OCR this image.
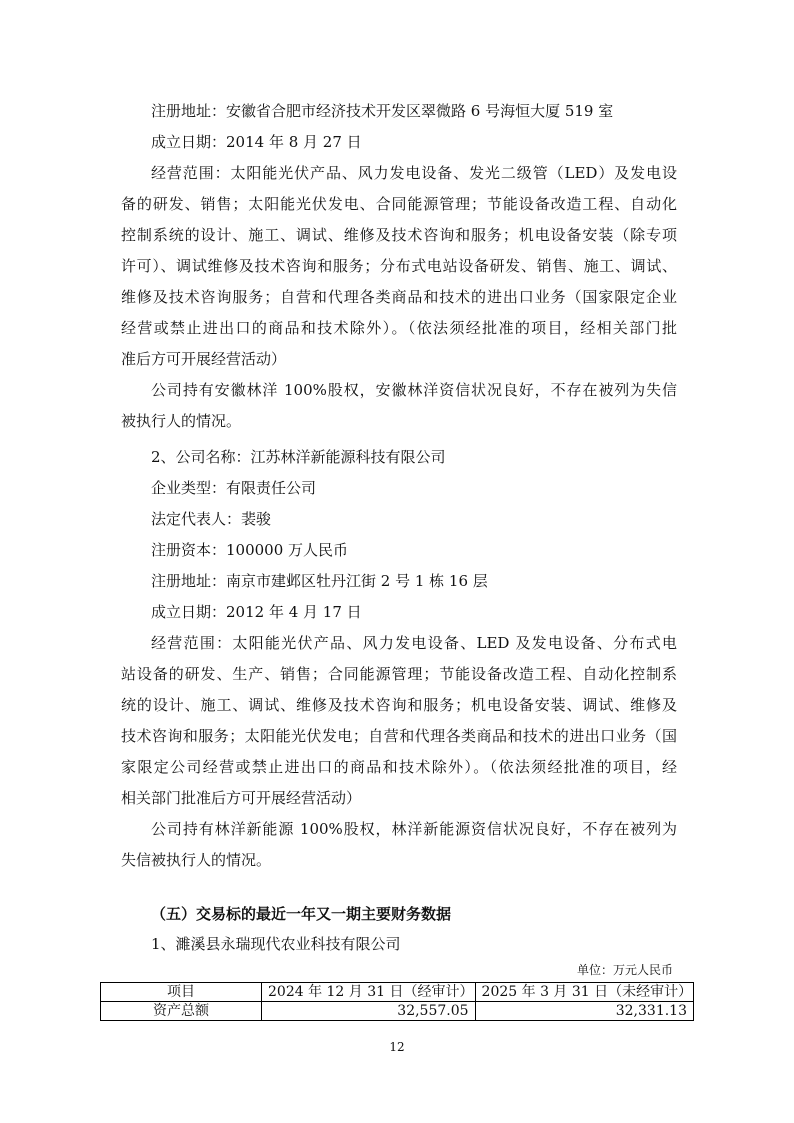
注册地址：安徽省合肥市经济技术开发区翠微路 6 号海恒大厦 519 室
成立日期：2014 年 8 月 27 日
经营范围：太阳能光伏产品、风力发电设备、发光二级管（LED）及发电设
备的研发、销售；太阳能光伏发电、合同能源管理；节能设备改造工程、自动化
控制系统的设计、施工、调试、维修及技术咨询和服务；机电设备安装（除专项
许可）、调试维修及技术咨询和服务；分布式电站设备研发、销售、施工、调试、
维修及技术咨询服务；自营和代理各类商品和技术的进出口业务（国家限定企业
经营或禁止进出口的商品和技术除外）。（依法须经批准的项目，经相关部门批
准后方可开展经营活动）
公司持有安徽林洋 100%股权，安徽林洋资信状况良好，不存在被列为失信
被执行人的情况。
2、公司名称：江苏林洋新能源科技有限公司
企业类型：有限责任公司
法定代表人：裴骏
注册资本：100000 万人民币
注册地址：南京市建邺区牡丹江街 2 号 1 栋 16 层
成立日期：2012 年 4 月 17 日
经营范围：太阳能光伏产品、风力发电设备、LED 及发电设备、分布式电
站设备的研发、生产、销售；合同能源管理；节能设备改造工程、自动化控制系
统的设计、施工、调试、维修及技术咨询和服务；机电设备安装、调试、维修及
技术咨询和服务；太阳能光伏发电；自营和代理各类商品和技术的进出口业务（国
家限定公司经营或禁止进出口的商品和技术除外）。（依法须经批准的项目，经
相关部门批准后方可开展经营活动）
公司持有林洋新能源 100%股权，林洋新能源资信状况良好，不存在被列为
失信被执行人的情况。
（五）交易标的最近一年又一期主要财务数据
1、濉溪县永瑞现代农业科技有限公司
单位：万元人民币
项目	2024 年 12 月 31 日（经审计）	2025 年 3 月 31 日（未经审计）
资产总额	32,557.05	32,331.13
12
